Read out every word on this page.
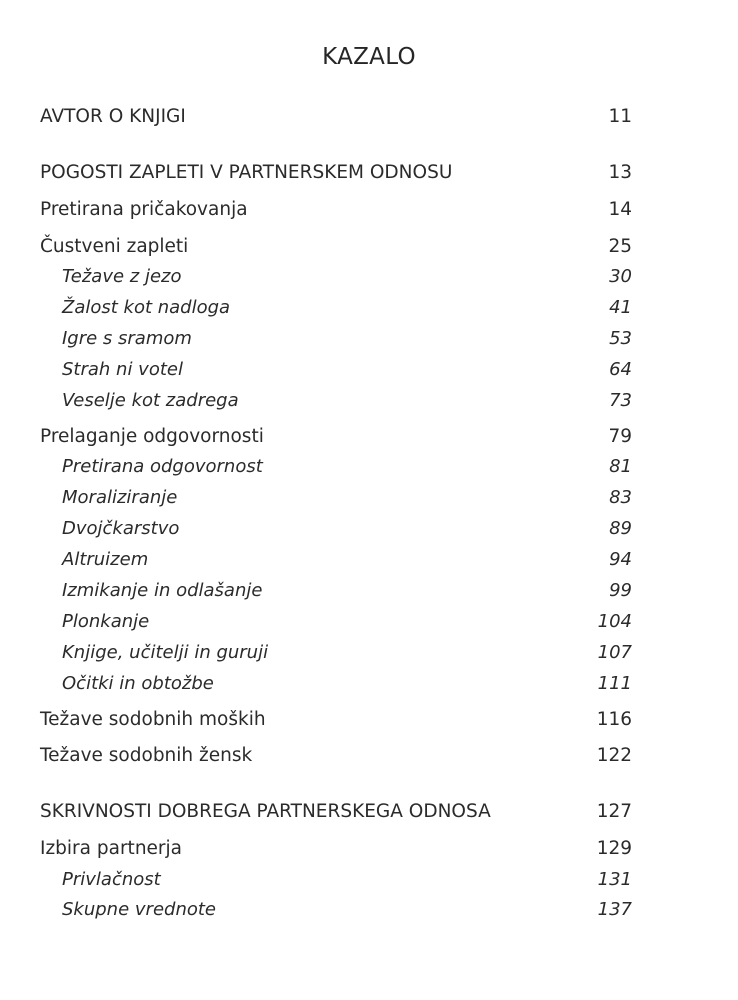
KAZALO
AVTOR O KNJIGI	11
POGOSTI ZAPLETI V PARTNERSKEM ODNOSU	13
Pretirana pričakovanja	14
Čustveni zapleti	25
Težave z jezo	30
Žalost kot nadloga	41
Igre s sramom	53
Strah ni votel	64
Veselje kot zadrega	73
Prelaganje odgovornosti	79
Pretirana odgovornost	81
Moraliziranje	83
Dvojčkarstvo	89
Altruizem	94
Izmikanje in odlašanje	99
Plonkanje	104
Knjige, učitelji in guruji	107
Očitki in obtožbe	111
Težave sodobnih moških	116
Težave sodobnih žensk	122
SKRIVNOSTI DOBREGA PARTNERSKEGA ODNOSA	127
Izbira partnerja	129
Privlačnost	131
Skupne vrednote	137
